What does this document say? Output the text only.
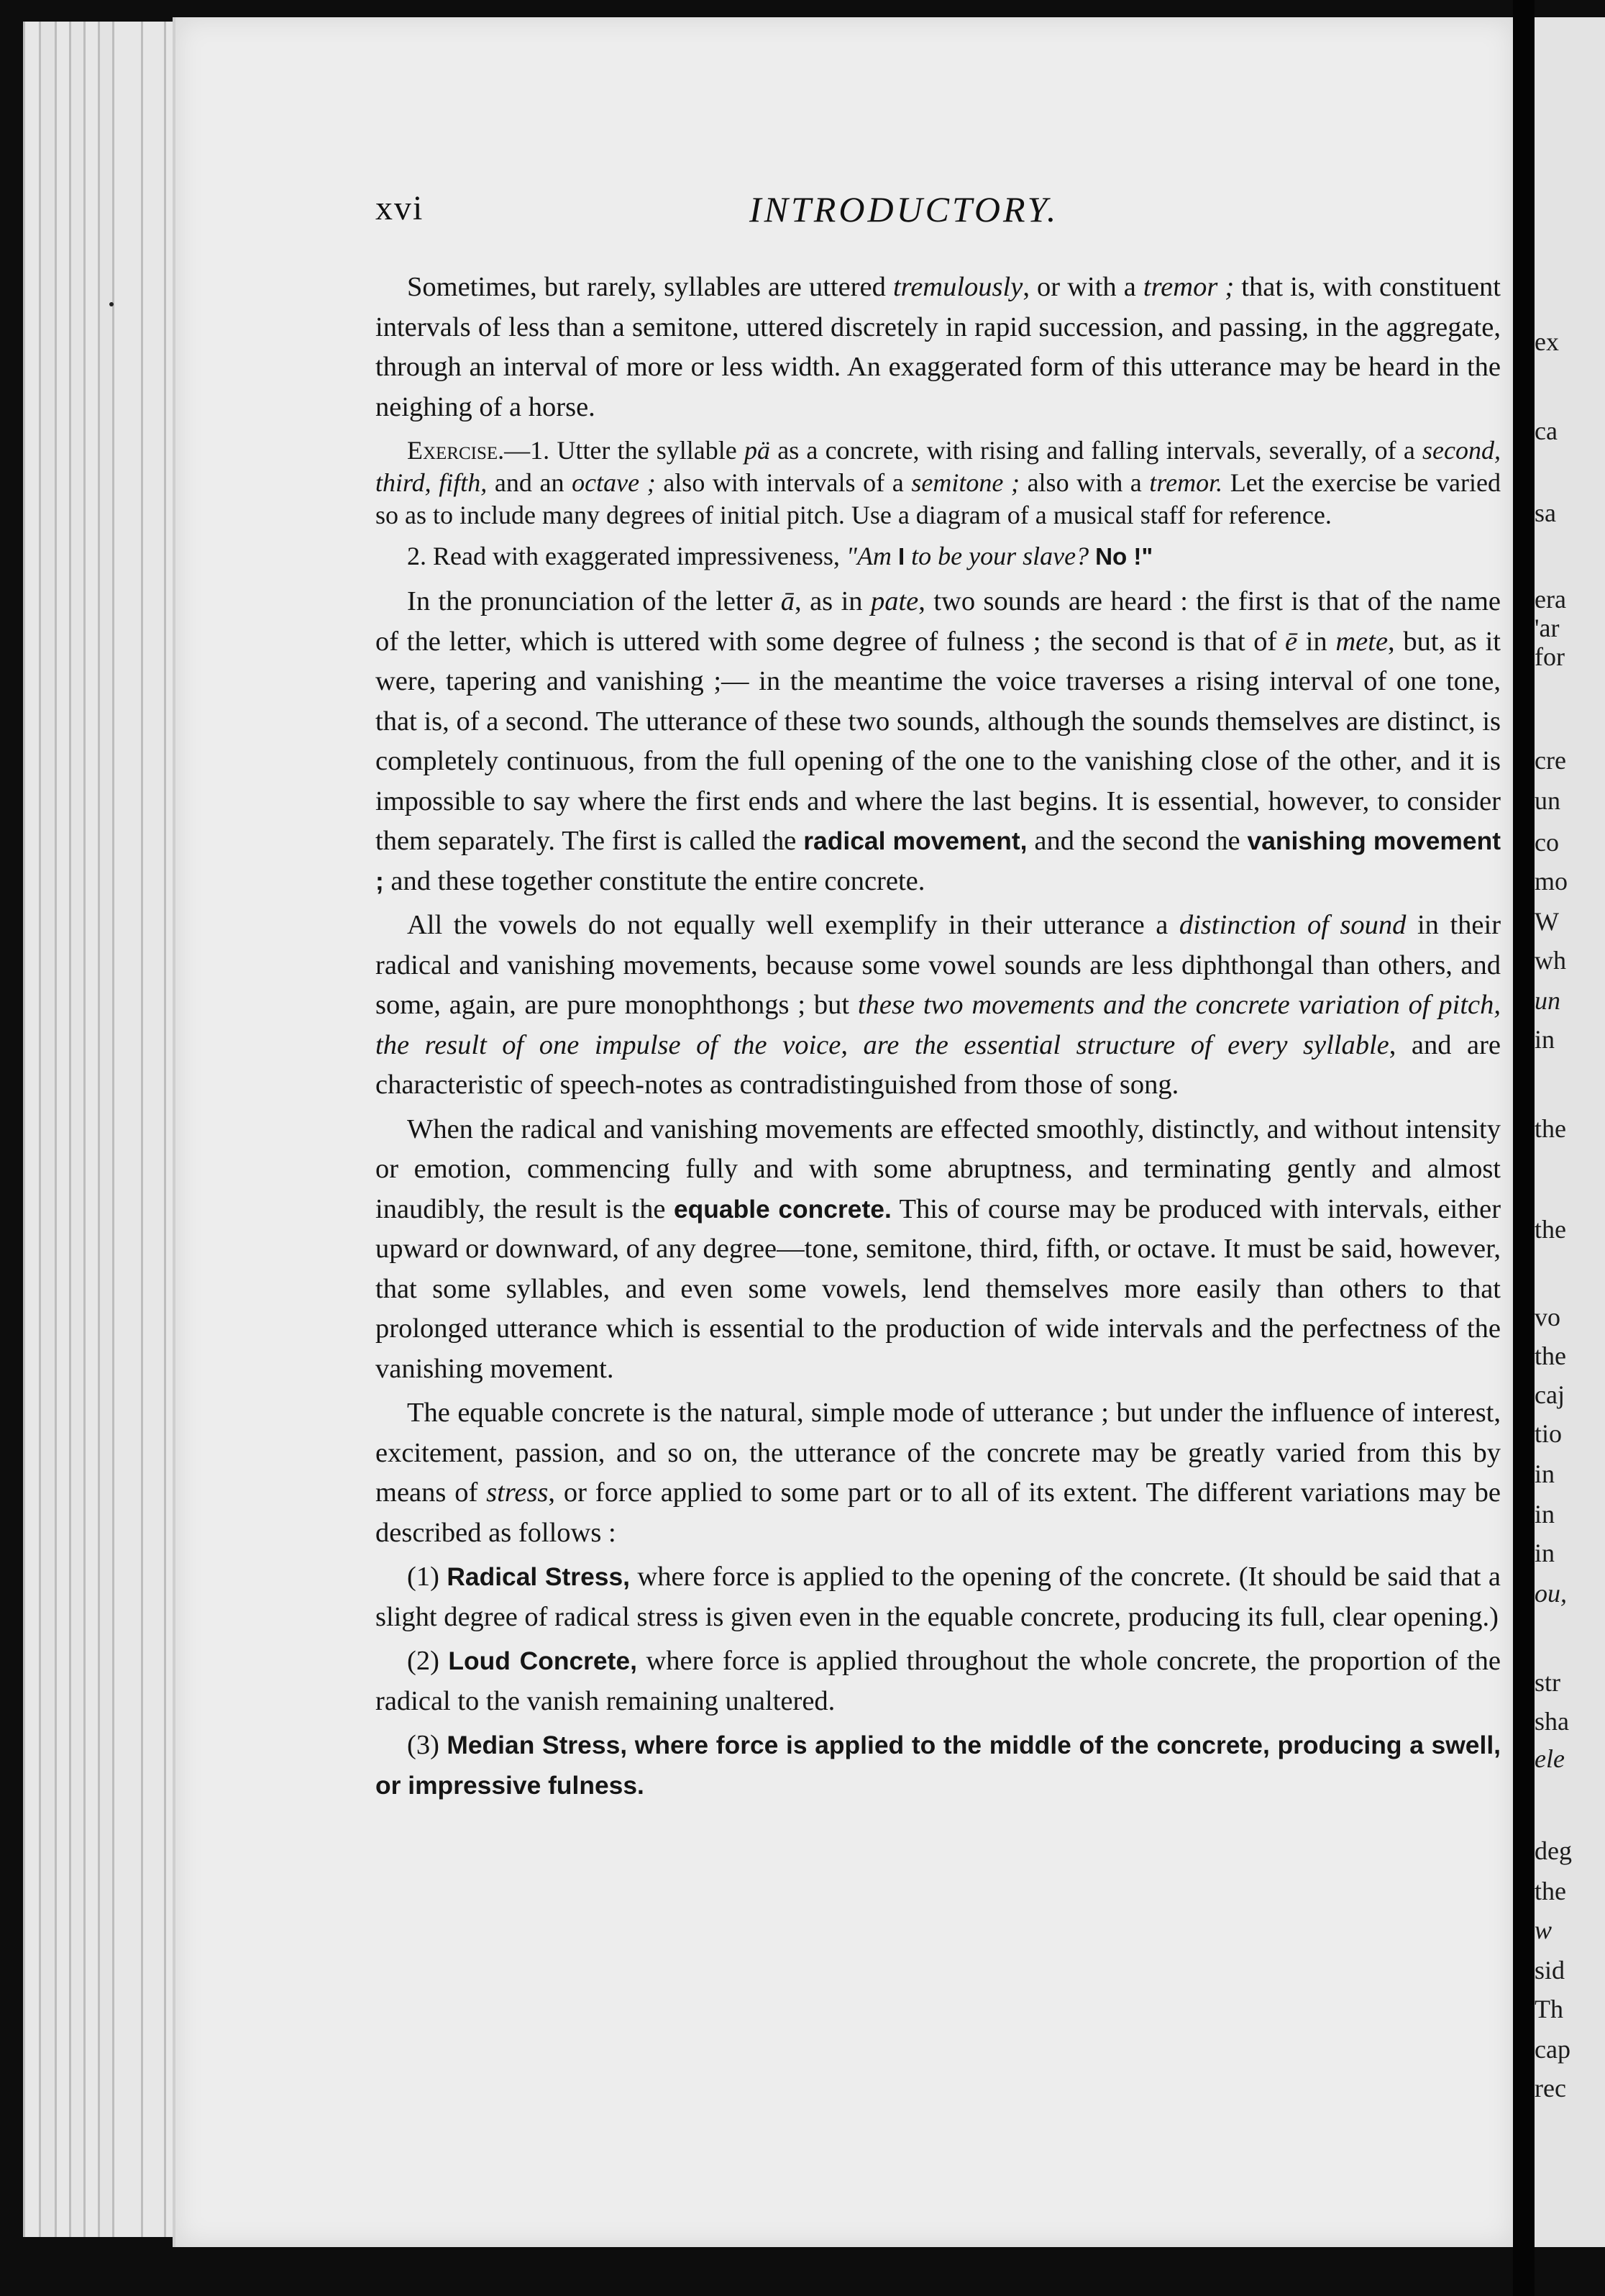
xvi	INTRODUCTORY.

Sometimes, but rarely, syllables are uttered tremulously, or with a tremor ; that is, with constituent intervals of less than a semitone, uttered discretely in rapid succession, and passing, in the aggregate, through an interval of more or less width. An exaggerated form of this utterance may be heard in the neighing of a horse.

Exercise.—1. Utter the syllable pä as a concrete, with rising and falling intervals, severally, of a second, third, fifth, and an octave ; also with intervals of a semitone ; also with a tremor. Let the exercise be varied so as to include many degrees of initial pitch. Use a diagram of a musical staff for reference.

2. Read with exaggerated impressiveness, "Am I to be your slave? No !"

In the pronunciation of the letter ā, as in pate, two sounds are heard : the first is that of the name of the letter, which is uttered with some degree of fulness ; the second is that of ē in mete, but, as it were, tapering and vanishing ;— in the meantime the voice traverses a rising interval of one tone, that is, of a second. The utterance of these two sounds, although the sounds themselves are distinct, is completely continuous, from the full opening of the one to the vanishing close of the other, and it is impossible to say where the first ends and where the last begins. It is essential, however, to consider them separately. The first is called the radical movement, and the second the vanishing movement ; and these together constitute the entire concrete.

All the vowels do not equally well exemplify in their utterance a distinction of sound in their radical and vanishing movements, because some vowel sounds are less diphthongal than others, and some, again, are pure monophthongs ; but these two movements and the concrete variation of pitch, the result of one impulse of the voice, are the essential structure of every syllable, and are characteristic of speech-notes as contradistinguished from those of song.

When the radical and vanishing movements are effected smoothly, distinctly, and without intensity or emotion, commencing fully and with some abruptness, and terminating gently and almost inaudibly, the result is the equable concrete. This of course may be produced with intervals, either upward or downward, of any degree—tone, semitone, third, fifth, or octave. It must be said, however, that some syllables, and even some vowels, lend themselves more easily than others to that prolonged utterance which is essential to the production of wide intervals and the perfectness of the vanishing movement.

The equable concrete is the natural, simple mode of utterance ; but under the influence of interest, excitement, passion, and so on, the utterance of the concrete may be greatly varied from this by means of stress, or force applied to some part or to all of its extent. The different variations may be described as follows :

(1) Radical Stress, where force is applied to the opening of the concrete. (It should be said that a slight degree of radical stress is given even in the equable concrete, producing its full, clear opening.)

(2) Loud Concrete, where force is applied throughout the whole concrete, the proportion of the radical to the vanish remaining unaltered.

(3) Median Stress, where force is applied to the middle of the concrete, producing a swell, or impressive fulness.

ex
ca
sa
era
'ar
for
cre
un
co
mo
W
wh
un
in
the
the
vo
the
caj
tio
in
in
in
ou,
str
sha
ele
deg
the
w
sid
Th
cap
rec
